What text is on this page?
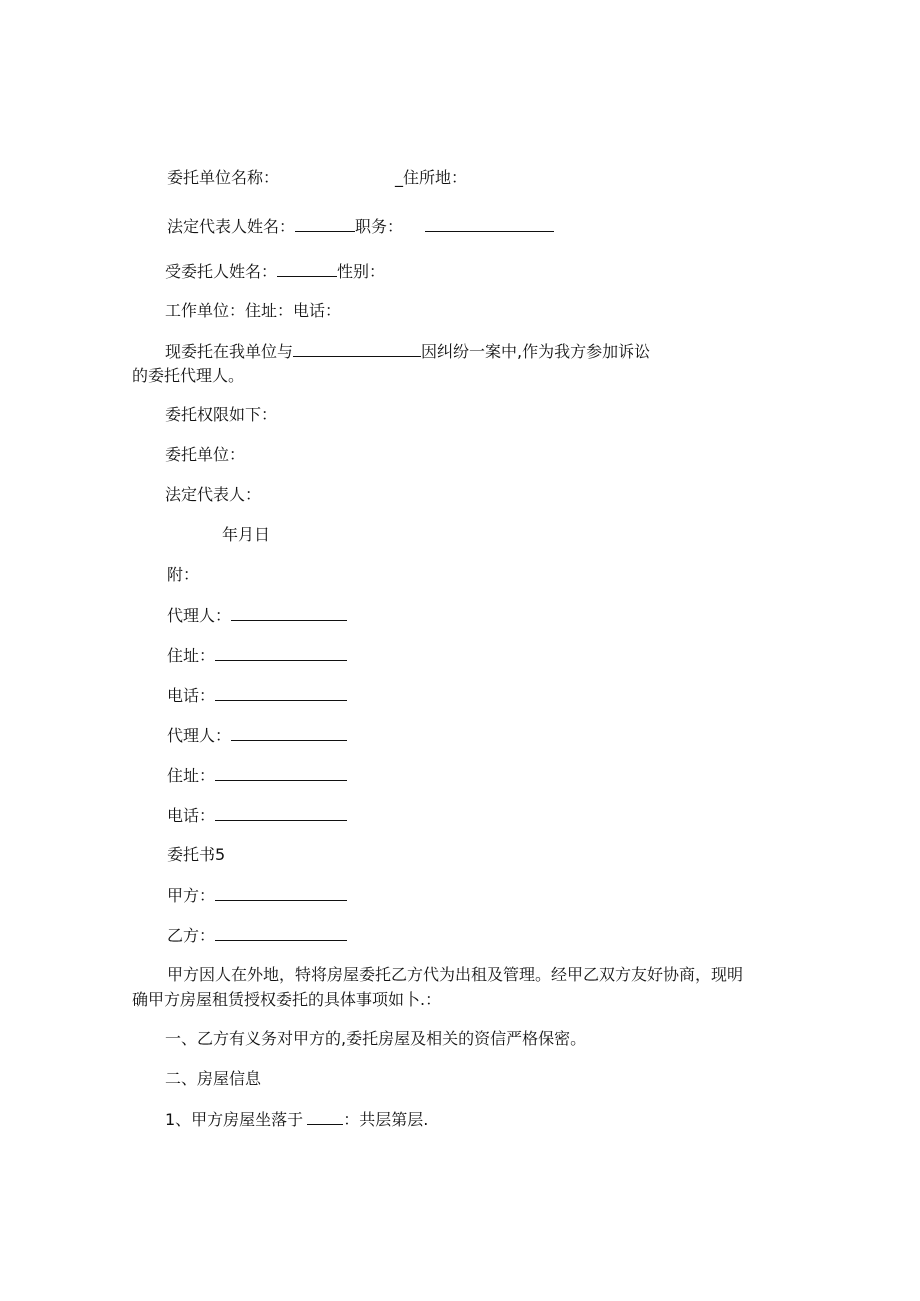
委托单位名称：	_住所地：
法定代表人姓名：	职务：
受委托人姓名：	性别：
工作单位：住址：电话：
现委托在我单位与	因纠纷一案中,作为我方参加诉讼
的委托代理人。
委托权限如下：
委托单位：
法定代表人：
年月日
附：
代理人：
住址：
电话：
代理人：
住址：
电话：
委托书5
甲方：
乙方：
甲方因人在外地，特将房屋委托乙方代为出租及管理。经甲乙双方友好协商，现明
确甲方房屋租赁授权委托的具体事项如卜.：
一、乙方有义务对甲方的,委托房屋及相关的资信严格保密。
二、房屋信息
1、甲方房屋坐落于	：共层第层.
